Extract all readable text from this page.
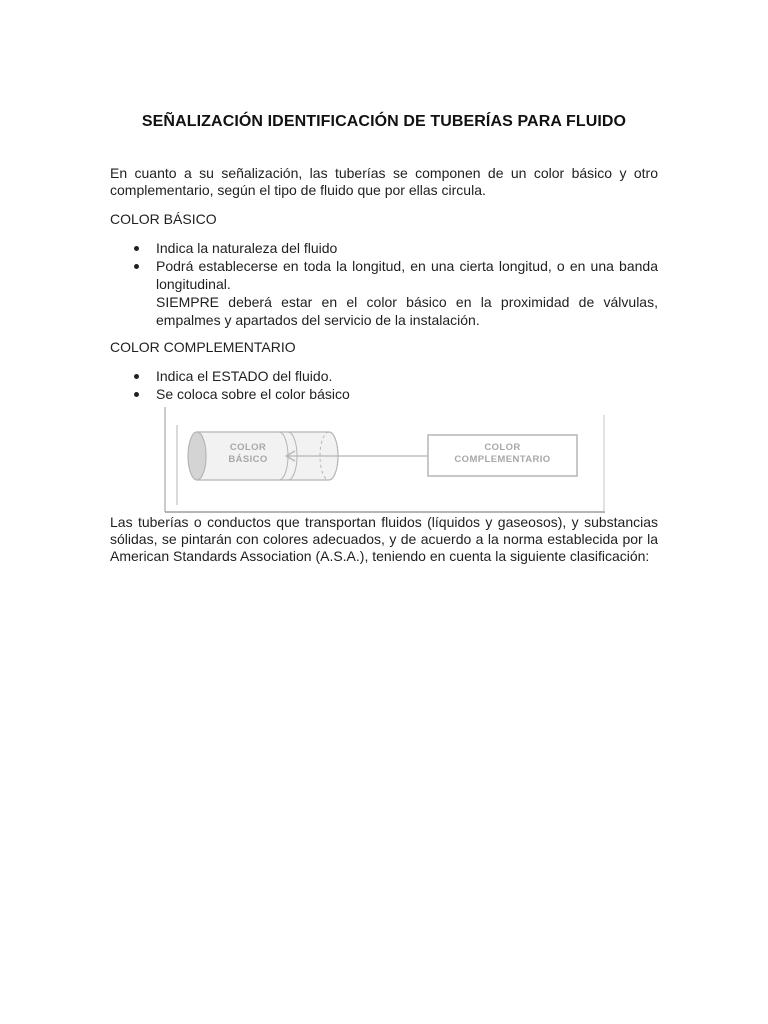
SEÑALIZACIÓN IDENTIFICACIÓN DE TUBERÍAS PARA FLUIDO
En cuanto a su señalización, las tuberías se componen de un color básico y otro complementario, según el tipo de fluido que por ellas circula.
COLOR BÁSICO
Indica la naturaleza del fluido
Podrá establecerse en toda la longitud, en una cierta longitud, o en una banda longitudinal.
SIEMPRE deberá estar en el color básico en la proximidad de válvulas, empalmes y apartados del servicio de la instalación.
COLOR COMPLEMENTARIO
Indica el ESTADO del fluido.
Se coloca sobre el color básico
Las tuberías o conductos que transportan fluidos (líquidos y gaseosos), y substancias sólidas, se pintarán con colores adecuados, y de acuerdo a la norma establecida por la American Standards Association (A.S.A.), teniendo en cuenta la siguiente clasificación:
COLOR
BÁSICO
COLOR
COMPLEMENTARIO
